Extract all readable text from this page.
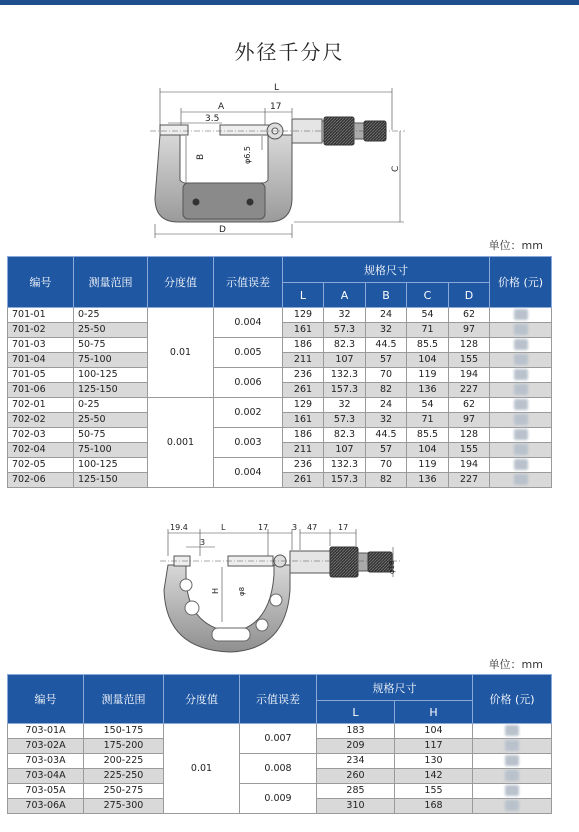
外径千分尺
L
A	17
3.5
B	φ6.5
C
D
单位：mm
编号	测量范围	分度值	示值误差	规格尺寸					价格 (元)
				L	A	B	C	D	
701-01	0-25	0.01	0.004	129	32	24	54	62	
701-02	25-50			161	57.3	32	71	97	
701-03	50-75		0.005	186	82.3	44.5	85.5	128	
701-04	75-100			211	107	57	104	155	
701-05	100-125		0.006	236	132.3	70	119	194	
701-06	125-150			261	157.3	82	136	227	
702-01	0-25	0.001	0.002	129	32	24	54	62	
702-02	25-50			161	57.3	32	71	97	
702-03	50-75		0.003	186	82.3	44.5	85.5	128	
702-04	75-100			211	107	57	104	155	
702-05	100-125		0.004	236	132.3	70	119	194	
702-06	125-150			261	157.3	82	136	227	
19.4	L	17	3 47	17
3
H	φ8
φ18
单位：mm
编号	测量范围	分度值	示值误差	规格尺寸		价格 (元)
				L	H	
703-01A	150-175	0.01	0.007	183	104	
703-02A	175-200			209	117	
703-03A	200-225		0.008	234	130	
703-04A	225-250			260	142	
703-05A	250-275		0.009	285	155	
703-06A	275-300			310	168	
